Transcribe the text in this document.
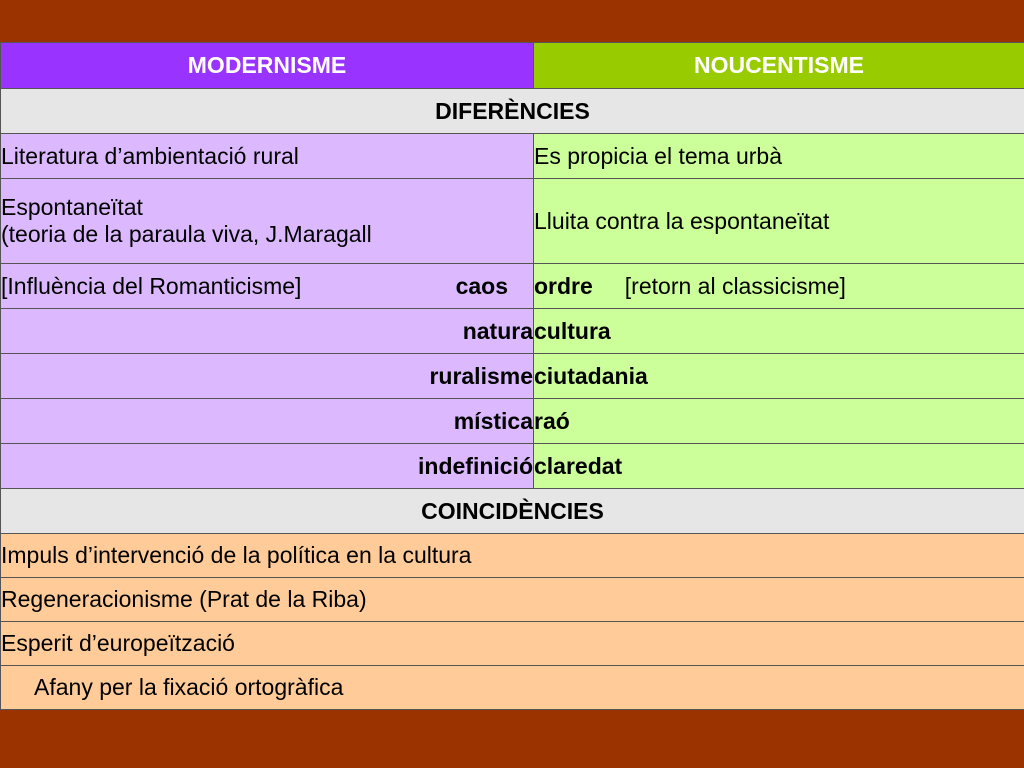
MODERNISME	NOUCENTISME
DIFERÈNCIES	
Literatura d’ambientació rural	Es propicia el tema urbà

Espontaneïtat
(teoria de la paraula viva, J.Maragall	Lluita contra la espontaneïtat

[Influència del Romanticisme] caos	ordre [retorn al classicisme]
natura	cultura
ruralisme	ciutadania
mística	raó
indefinició	claredat
COINCIDÈNCIES	
Impuls d’intervenció de la política en la cultura	
Regeneracionisme (Prat de la Riba)	
Esperit d’europeïtzació	
Afany per la fixació ortogràfica	
